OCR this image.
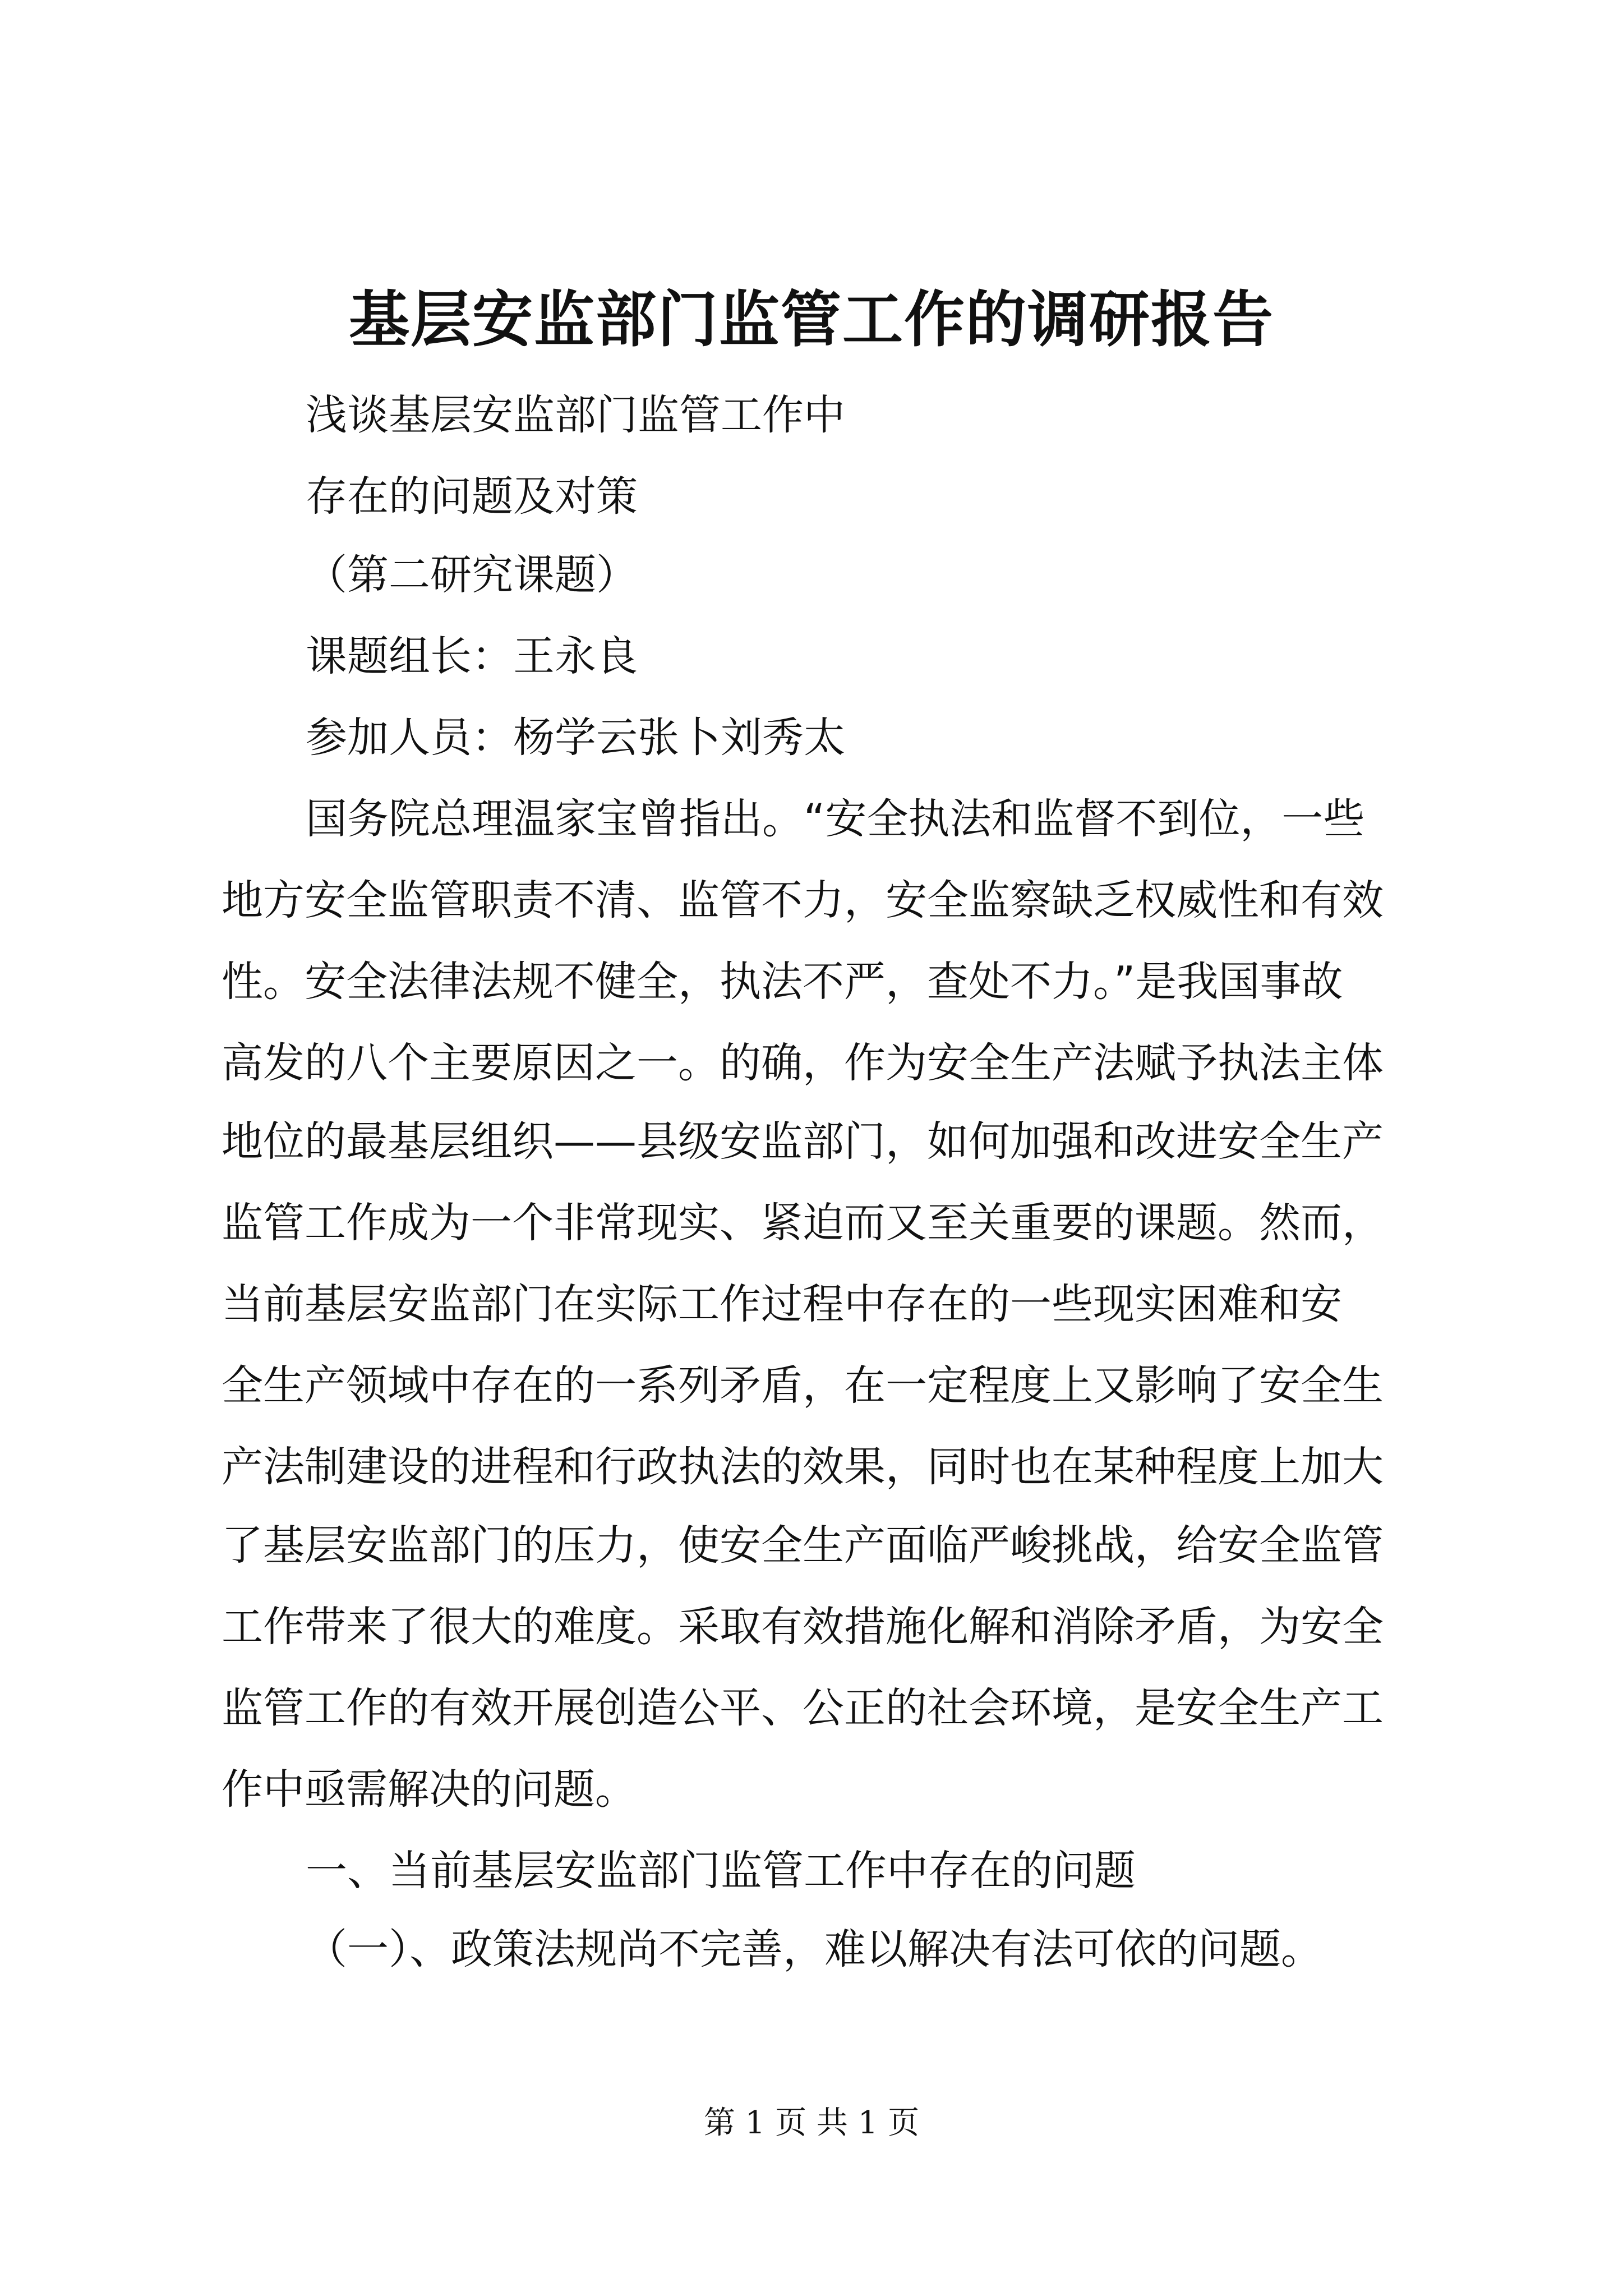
基层安监部门监管工作的调研报告
浅谈基层安监部门监管工作中
存在的问题及对策
（第二研究课题）
课题组长：王永良
参加人员：杨学云张卜刘秀太
国务院总理温家宝曾指出。“安全执法和监督不到位，一些
地方安全监管职责不清、监管不力，安全监察缺乏权威性和有效
性。安全法律法规不健全，执法不严，查处不力。”是我国事故
高发的八个主要原因之一。的确，作为安全生产法赋予执法主体
地位的最基层组织——县级安监部门，如何加强和改进安全生产
监管工作成为一个非常现实、紧迫而又至关重要的课题。然而，
当前基层安监部门在实际工作过程中存在的一些现实困难和安
全生产领域中存在的一系列矛盾，在一定程度上又影响了安全生
产法制建设的进程和行政执法的效果，同时也在某种程度上加大
了基层安监部门的压力，使安全生产面临严峻挑战，给安全监管
工作带来了很大的难度。采取有效措施化解和消除矛盾，为安全
监管工作的有效开展创造公平、公正的社会环境，是安全生产工
作中亟需解决的问题。
一、当前基层安监部门监管工作中存在的问题
（一）、政策法规尚不完善，难以解决有法可依的问题。
第 1 页 共 1 页
